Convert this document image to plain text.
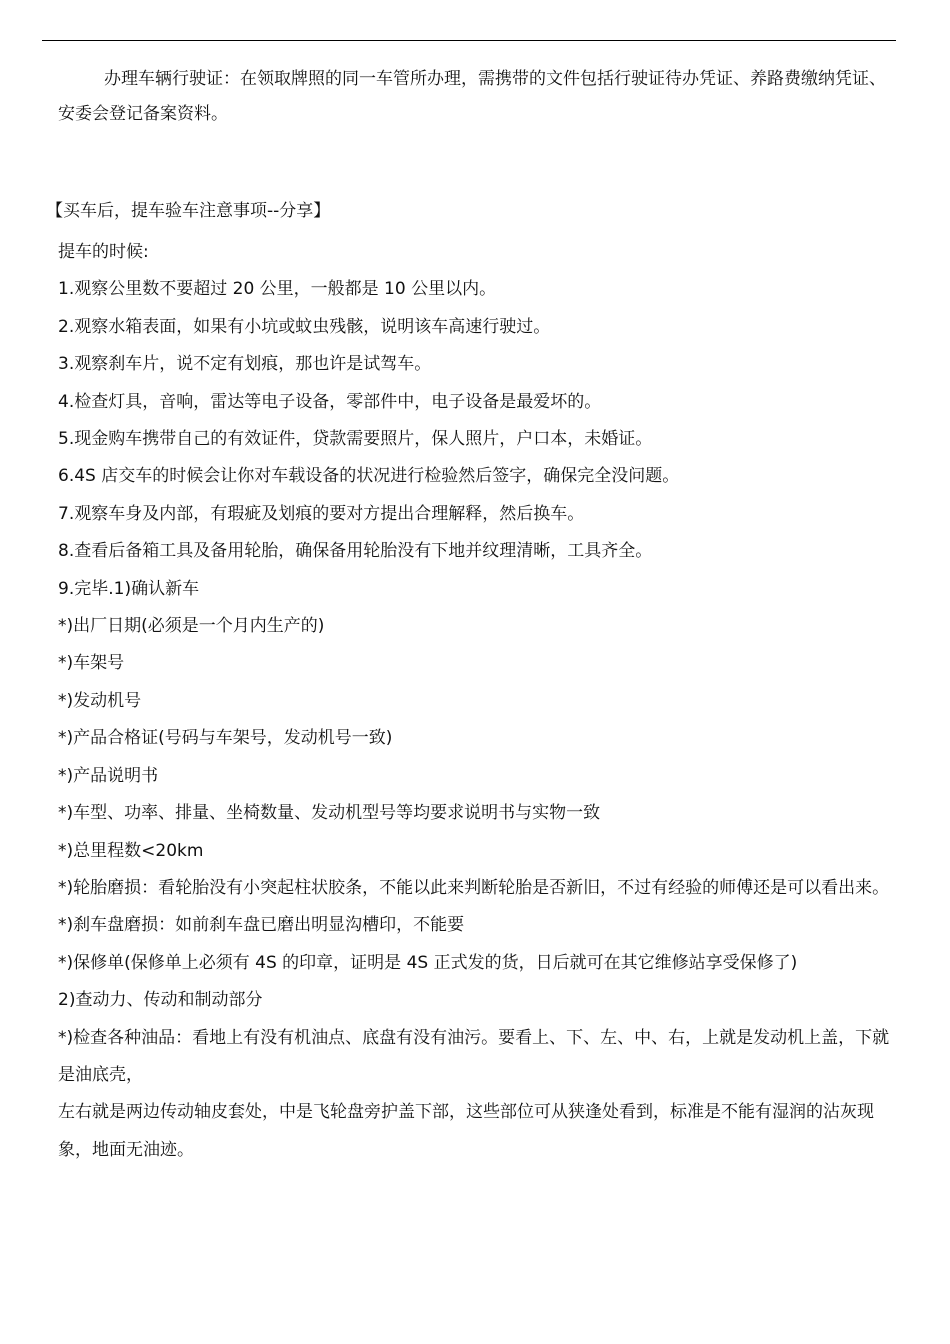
办理车辆行驶证：在领取牌照的同一车管所办理，需携带的文件包括行驶证待办凭证、养路费缴纳凭证、安委会登记备案资料。

【买车后，提车验车注意事项--分享】

提车的时候:
1.观察公里数不要超过 20 公里，一般都是 10 公里以内。
2.观察水箱表面，如果有小坑或蚊虫残骸，说明该车高速行驶过。
3.观察刹车片，说不定有划痕，那也许是试驾车。
4.检查灯具，音响，雷达等电子设备，零部件中，电子设备是最爱坏的。
5.现金购车携带自己的有效证件，贷款需要照片，保人照片，户口本，未婚证。
6.4S 店交车的时候会让你对车载设备的状况进行检验然后签字，确保完全没问题。
7.观察车身及内部，有瑕疵及划痕的要对方提出合理解释，然后换车。
8.查看后备箱工具及备用轮胎，确保备用轮胎没有下地并纹理清晰，工具齐全。
9.完毕.1)确认新车
*)出厂日期(必须是一个月内生产的)
*)车架号
*)发动机号
*)产品合格证(号码与车架号，发动机号一致)
*)产品说明书
*)车型、功率、排量、坐椅数量、发动机型号等均要求说明书与实物一致
*)总里程数<20km
*)轮胎磨损：看轮胎没有小突起柱状胶条，不能以此来判断轮胎是否新旧，不过有经验的师傅还是可以看出来。
*)刹车盘磨损：如前刹车盘已磨出明显沟槽印，不能要
*)保修单(保修单上必须有 4S 的印章，证明是 4S 正式发的货，日后就可在其它维修站享受保修了)
2)查动力、传动和制动部分
*)检查各种油品：看地上有没有机油点、底盘有没有油污。要看上、下、左、中、右，上就是发动机上盖，下就是油底壳，
左右就是两边传动轴皮套处，中是飞轮盘旁护盖下部，这些部位可从狭逢处看到，标准是不能有湿润的沾灰现象，地面无油迹。
